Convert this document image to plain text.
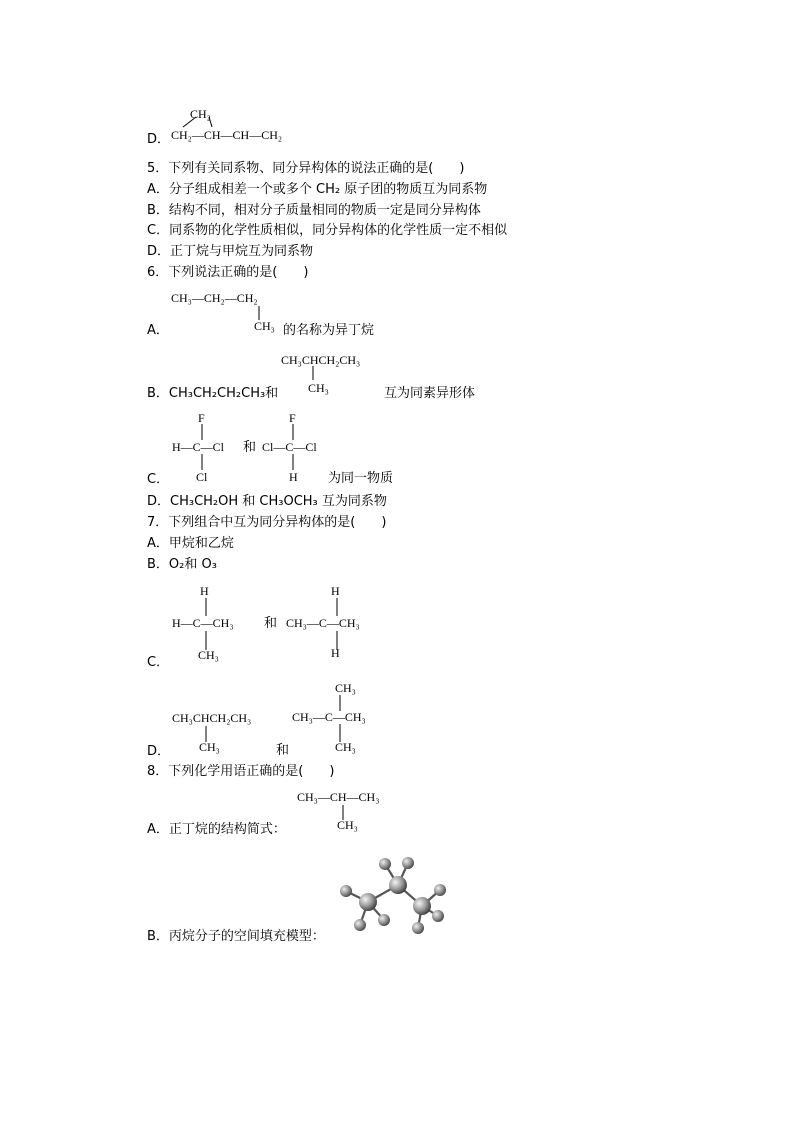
CH₂
D． CH₂—CH—CH—CH₂
5．下列有关同系物、同分异构体的说法正确的是(　　)
A．分子组成相差一个或多个 CH₂ 原子团的物质互为同系物
B．结构不同，相对分子质量相同的物质一定是同分异构体
C．同系物的化学性质相似，同分异构体的化学性质一定不相似
D．正丁烷与甲烷互为同系物
6．下列说法正确的是(　　)
CH₃—CH₂—CH₂
CH₃
A．	的名称为异丁烷
CH₃CHCH₂CH₃
CH₃
B．CH₃CH₂CH₂CH₃和	互为同素异形体
F
H—C—Cl
Cl
和
F
Cl—C—Cl
H
C．	为同一物质
D．CH₃CH₂OH 和 CH₃OCH₃ 互为同系物
7．下列组合中互为同分异构体的是(　　)
A．甲烷和乙烷
B．O₂和 O₃
H
H—C—CH₃
CH₃
和
H
CH₃—C—CH₃
H
C．
CH₃CHCH₂CH₃
CH₃
CH₃
CH₃—C—CH₃
CH₃
D．	和
8．下列化学用语正确的是(　　)
CH₃—CH—CH₃
CH₃
A．正丁烷的结构简式：
B．丙烷分子的空间填充模型：
